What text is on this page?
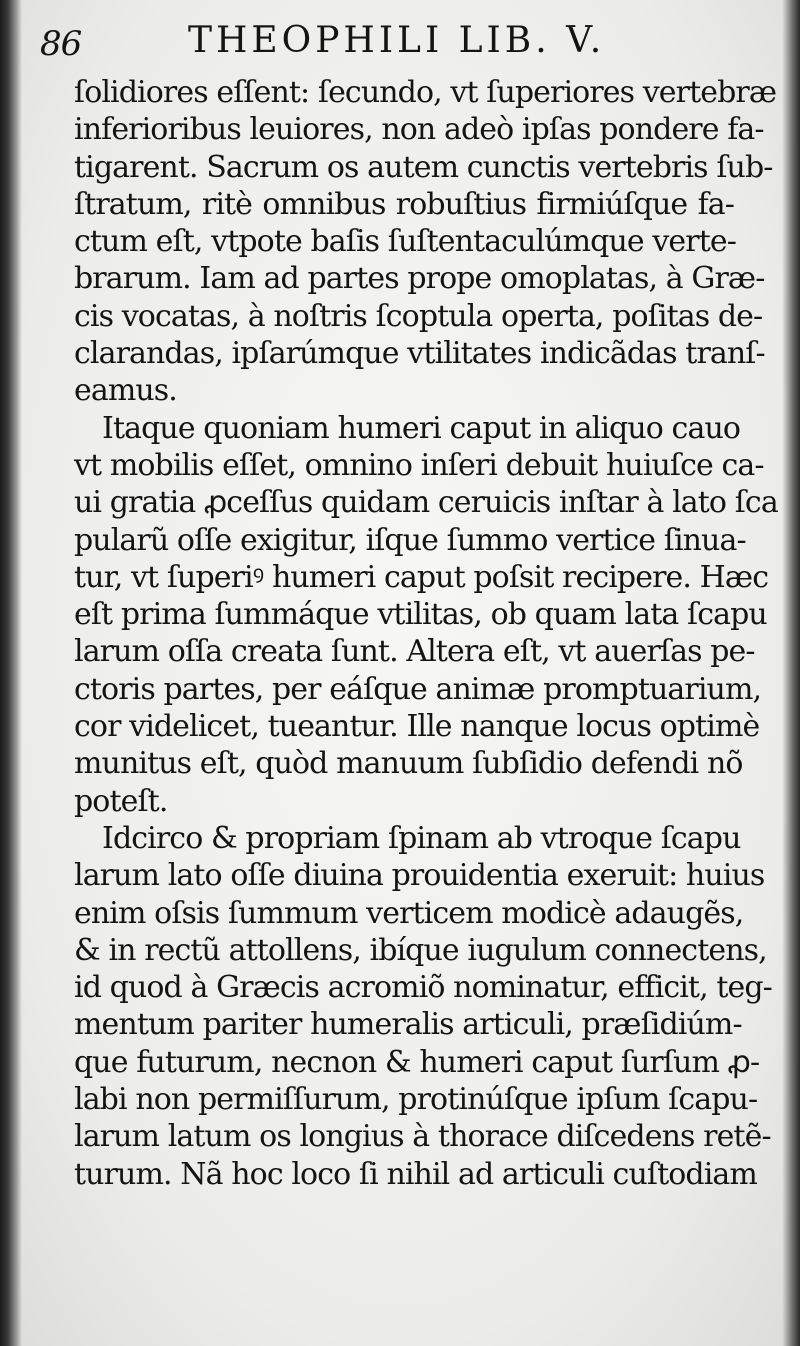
86	THEOPHILI LIB. V.
ſolidiores eſſent: ſecundo, vt ſuperiores vertebræ
inferioribus leuiores, non adeò ipſas pondere fa-
tigarent. Sacrum os autem cunctis vertebris ſub-
ſtratum, ritè omnibus robuſtius firmiúſque fa-
ctum eſt, vtpote baſis ſuſtentaculúmque verte-
brarum. Iam ad partes prope omoplatas, à Græ-
cis vocatas, à noſtris ſcoptula operta, poſitas de-
clarandas, ipſarúmque vtilitates indicãdas tranſ-
eamus.
Itaque quoniam humeri caput in aliquo cauo
vt mobilis eſſet, omnino inſeri debuit huiuſce ca-
ui gratia ꝓceſſus quidam ceruicis inſtar à lato ſca
pularũ oſſe exigitur, iſque ſummo vertice ſinua-
tur, vt ſuperiꝰ humeri caput poſsit recipere. Hæc
eſt prima ſummáque vtilitas, ob quam lata ſcapu
larum oſſa creata ſunt. Altera eſt, vt auerſas pe-
ctoris partes, per eáſque animæ promptuarium,
cor videlicet, tueantur. Ille nanque locus optimè
munitus eſt, quòd manuum ſubſidio defendi nõ
poteſt.
Idcirco & propriam ſpinam ab vtroque ſcapu
larum lato oſſe diuina prouidentia exeruit: huius
enim oſsis ſummum verticem modicè adaugẽs,
& in rectũ attollens, ibíque iugulum connectens,
id quod à Græcis acromiõ nominatur, efficit, teg-
mentum pariter humeralis articuli, præſidiúm-
que futurum, necnon & humeri caput ſurſum ꝓ-
labi non permiſſurum, protinúſque ipſum ſcapu-
larum latum os longius à thorace diſcedens retẽ-
turum. Nã hoc loco ſi nihil ad articuli cuſtodiam
